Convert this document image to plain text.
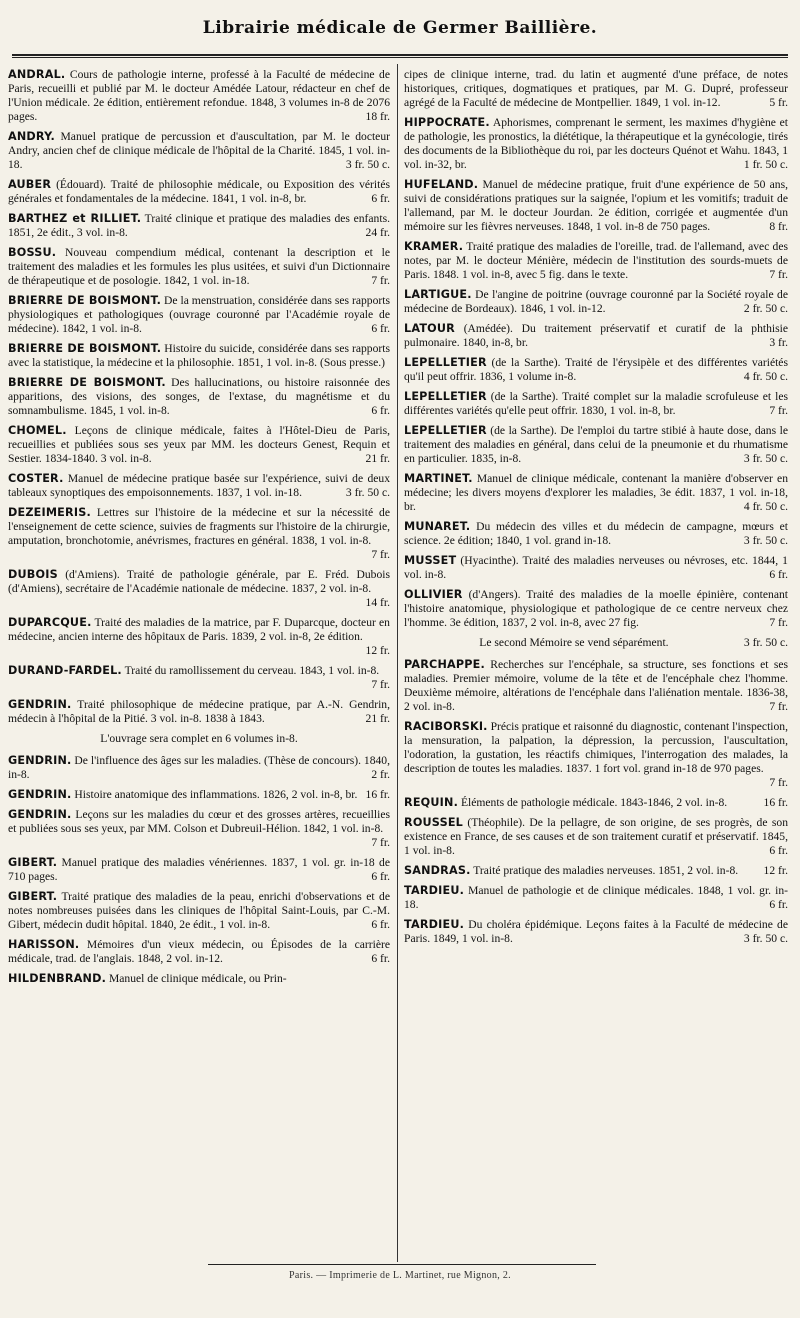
Librairie médicale de Germer Baillière.

ANDRAL. Cours de pathologie interne, professé à la Faculté de médecine de Paris, recueilli et publié par M. le docteur Amédée Latour, rédacteur en chef de l'Union médicale. 2e édition, entièrement refondue. 1848, 3 volumes in-8 de 2076 pages.	18 fr.

ANDRY. Manuel pratique de percussion et d'auscultation, par M. le docteur Andry, ancien chef de clinique médicale de l'hôpital de la Charité. 1845, 1 vol. in-18.	3 fr. 50 c.

AUBER (Édouard). Traité de philosophie médicale, ou Exposition des vérités générales et fondamentales de la médecine. 1841, 1 vol. in-8, br.	6 fr.

BARTHEZ et RILLIET. Traité clinique et pratique des maladies des enfants. 1851, 2e édit., 3 vol. in-8.	24 fr.

BOSSU. Nouveau compendium médical, contenant la description et le traitement des maladies et les formules les plus usitées, et suivi d'un Dictionnaire de thérapeutique et de posologie. 1842, 1 vol. in-18.	7 fr.

BRIERRE DE BOISMONT. De la menstruation, considérée dans ses rapports physiologiques et pathologiques (ouvrage couronné par l'Académie royale de médecine). 1842, 1 vol. in-8.	6 fr.

BRIERRE DE BOISMONT. Histoire du suicide, considérée dans ses rapports avec la statistique, la médecine et la philosophie. 1851, 1 vol. in-8. (Sous presse.)

BRIERRE DE BOISMONT. Des hallucinations, ou histoire raisonnée des apparitions, des visions, des songes, de l'extase, du magnétisme et du somnambulisme. 1845, 1 vol. in-8.	6 fr.

CHOMEL. Leçons de clinique médicale, faites à l'Hôtel-Dieu de Paris, recueillies et publiées sous ses yeux par MM. les docteurs Genest, Requin et Sestier. 1834-1840. 3 vol. in-8.	21 fr.

COSTER. Manuel de médecine pratique basée sur l'expérience, suivi de deux tableaux synoptiques des empoisonnements. 1837, 1 vol. in-18.	3 fr. 50 c.

DEZEIMERIS. Lettres sur l'histoire de la médecine et sur la nécessité de l'enseignement de cette science, suivies de fragments sur l'histoire de la chirurgie, amputation, bronchotomie, anévrismes, fractures en général. 1838, 1 vol. in-8.
7 fr.

DUBOIS (d'Amiens). Traité de pathologie générale, par E. Fréd. Dubois (d'Amiens), secrétaire de l'Académie nationale de médecine. 1837, 2 vol. in-8.
14 fr.

DUPARCQUE. Traité des maladies de la matrice, par F. Duparcque, docteur en médecine, ancien interne des hôpitaux de Paris. 1839, 2 vol. in-8, 2e édition.
12 fr.

DURAND-FARDEL. Traité du ramollissement du cerveau. 1843, 1 vol. in-8.
7 fr.

GENDRIN. Traité philosophique de médecine pratique, par A.-N. Gendrin, médecin à l'hôpital de la Pitié. 3 vol. in-8. 1838 à 1843.	21 fr.

L'ouvrage sera complet en 6 volumes in-8.

GENDRIN. De l'influence des âges sur les maladies. (Thèse de concours). 1840, in-8.	2 fr.

GENDRIN. Histoire anatomique des inflammations. 1826, 2 vol. in-8, br. 16 fr.

GENDRIN. Leçons sur les maladies du cœur et des grosses artères, recueillies et publiées sous ses yeux, par MM. Colson et Dubreuil-Hélion. 1842, 1 vol. in-8.
7 fr.

GIBERT. Manuel pratique des maladies vénériennes. 1837, 1 vol. gr. in-18 de 710 pages.	6 fr.

GIBERT. Traité pratique des maladies de la peau, enrichi d'observations et de notes nombreuses puisées dans les cliniques de l'hôpital Saint-Louis, par C.-M. Gibert, médecin dudit hôpital. 1840, 2e édit., 1 vol. in-8.	6 fr.

HARISSON. Mémoires d'un vieux médecin, ou Épisodes de la carrière médicale, trad. de l'anglais. 1848, 2 vol. in-12.	6 fr.

HILDENBRAND. Manuel de clinique médicale, ou Prin-

cipes de clinique interne, trad. du latin et augmenté d'une préface, de notes historiques, critiques, dogmatiques et pratiques, par M. G. Dupré, professeur agrégé de la Faculté de médecine de Montpellier. 1849, 1 vol. in-12.	5 fr.

HIPPOCRATE. Aphorismes, comprenant le serment, les maximes d'hygiène et de pathologie, les pronostics, la diététique, la thérapeutique et la gynécologie, tirés des documents de la Bibliothèque du roi, par les docteurs Quénot et Wahu. 1843, 1 vol. in-32, br.	1 fr. 50 c.

HUFELAND. Manuel de médecine pratique, fruit d'une expérience de 50 ans, suivi de considérations pratiques sur la saignée, l'opium et les vomitifs; traduit de l'allemand, par M. le docteur Jourdan. 2e édition, corrigée et augmentée d'un mémoire sur les fièvres nerveuses. 1848, 1 vol. in-8 de 750 pages.	8 fr.

KRAMER. Traité pratique des maladies de l'oreille, trad. de l'allemand, avec des notes, par M. le docteur Ménière, médecin de l'institution des sourds-muets de Paris. 1848. 1 vol. in-8, avec 5 fig. dans le texte.	7 fr.

LARTIGUE. De l'angine de poitrine (ouvrage couronné par la Société royale de médecine de Bordeaux). 1846, 1 vol. in-12.	2 fr. 50 c.

LATOUR (Amédée). Du traitement préservatif et curatif de la phthisie pulmonaire. 1840, in-8, br.	3 fr.

LEPELLETIER (de la Sarthe). Traité de l'érysipèle et des différentes variétés qu'il peut offrir. 1836, 1 volume in-8.	4 fr. 50 c.

LEPELLETIER (de la Sarthe). Traité complet sur la maladie scrofuleuse et les différentes variétés qu'elle peut offrir. 1830, 1 vol. in-8, br.	7 fr.

LEPELLETIER (de la Sarthe). De l'emploi du tartre stibié à haute dose, dans le traitement des maladies en général, dans celui de la pneumonie et du rhumatisme en particulier. 1835, in-8.	3 fr. 50 c.

MARTINET. Manuel de clinique médicale, contenant la manière d'observer en médecine; les divers moyens d'explorer les maladies, 3e édit. 1837, 1 vol. in-18, br.	4 fr. 50 c.

MUNARET. Du médecin des villes et du médecin de campagne, mœurs et science. 2e édition; 1840, 1 vol. grand in-18.	3 fr. 50 c.

MUSSET (Hyacinthe). Traité des maladies nerveuses ou névroses, etc. 1844, 1 vol. in-8.	6 fr.

OLLIVIER (d'Angers). Traité des maladies de la moelle épinière, contenant l'histoire anatomique, physiologique et pathologique de ce centre nerveux chez l'homme. 3e édition, 1837, 2 vol. in-8, avec 27 fig.	7 fr.

Le second Mémoire se vend séparément.	3 fr. 50 c.

PARCHAPPE. Recherches sur l'encéphale, sa structure, ses fonctions et ses maladies. Premier mémoire, volume de la tête et de l'encéphale chez l'homme. Deuxième mémoire, altérations de l'encéphale dans l'aliénation mentale. 1836-38, 2 vol. in-8.	7 fr.

RACIBORSKI. Précis pratique et raisonné du diagnostic, contenant l'inspection, la mensuration, la palpation, la dépression, la percussion, l'auscultation, l'odoration, la gustation, les réactifs chimiques, l'interrogation des malades, la description de toutes les maladies. 1837. 1 fort vol. grand in-18 de 970 pages.
7 fr.

REQUIN. Éléments de pathologie médicale. 1843-1846, 2 vol. in-8.	16 fr.

ROUSSEL (Théophile). De la pellagre, de son origine, de ses progrès, de son existence en France, de ses causes et de son traitement curatif et préservatif. 1845, 1 vol. in-8.	6 fr.

SANDRAS. Traité pratique des maladies nerveuses. 1851, 2 vol. in-8. 12 fr.

TARDIEU. Manuel de pathologie et de clinique médicales. 1848, 1 vol. gr. in-18.	6 fr.

TARDIEU. Du choléra épidémique. Leçons faites à la Faculté de médecine de Paris. 1849, 1 vol. in-8.	3 fr. 50 c.

Paris. — Imprimerie de L. Martinet, rue Mignon, 2.
